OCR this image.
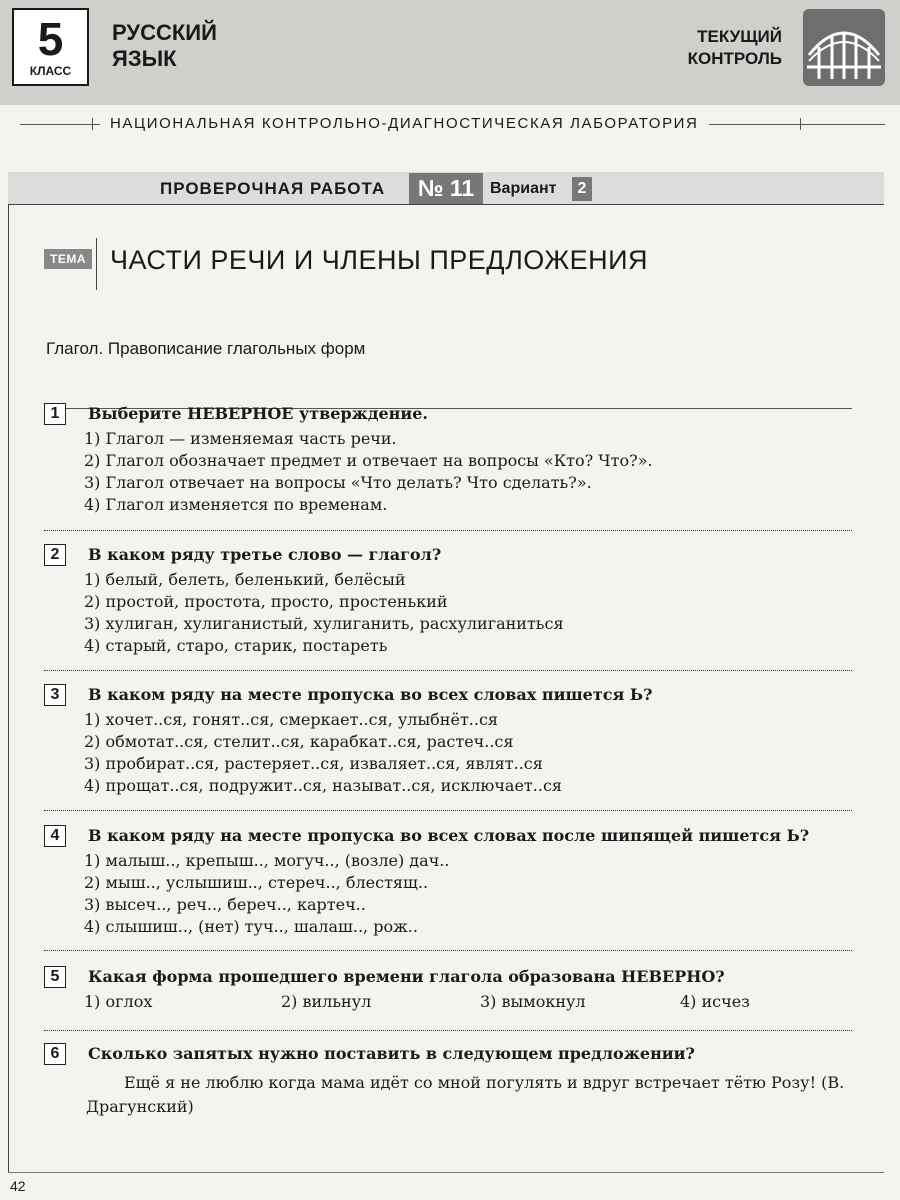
5
КЛАСС
РУССКИЙ
ЯЗЫК
ТЕКУЩИЙ
КОНТРОЛЬ
НАЦИОНАЛЬНАЯ КОНТРОЛЬНО-ДИАГНОСТИЧЕСКАЯ ЛАБОРАТОРИЯ
ПРОВЕРОЧНАЯ РАБОТА	№ 11 Вариант	2
ТЕМА ЧАСТИ РЕЧИ И ЧЛЕНЫ ПРЕДЛОЖЕНИЯ
Глагол. Правописание глагольных форм
1	Выберите НЕВЕРНОЕ утверждение.
1) Глагол — изменяемая часть речи.
2) Глагол обозначает предмет и отвечает на вопросы «Кто? Что?».
3) Глагол отвечает на вопросы «Что делать? Что сделать?».
4) Глагол изменяется по временам.
2	В каком ряду третье слово — глагол?
1) белый, белеть, беленький, белёсый
2) простой, простота, просто, простенький
3) хулиган, хулиганистый, хулиганить, расхулиганиться
4) старый, старо, старик, постареть
3	В каком ряду на месте пропуска во всех словах пишется Ь?
1) хочет..ся, гонят..ся, смеркает..ся, улыбнёт..ся
2) обмотат..ся, стелит..ся, карабкат..ся, растеч..ся
3) пробират..ся, растеряет..ся, изваляет..ся, являт..ся
4) прощат..ся, подружит..ся, называт..ся, исключает..ся
4	В каком ряду на месте пропуска во всех словах после шипящей пишется Ь?
1) малыш.., крепыш.., могуч.., (возле) дач..
2) мыш.., услышиш.., стереч.., блестящ..
3) высеч.., реч.., береч.., картеч..
4) слышиш.., (нет) туч.., шалаш.., рож..
5	Какая форма прошедшего времени глагола образована НЕВЕРНО?
1) оглох	2) вильнул	3) вымокнул	4) исчез
6	Сколько запятых нужно поставить в следующем предложении?
Ещё я не люблю когда мама идёт со мной погулять и вдруг встречает тётю Розу! (В. Драгунский)
42
